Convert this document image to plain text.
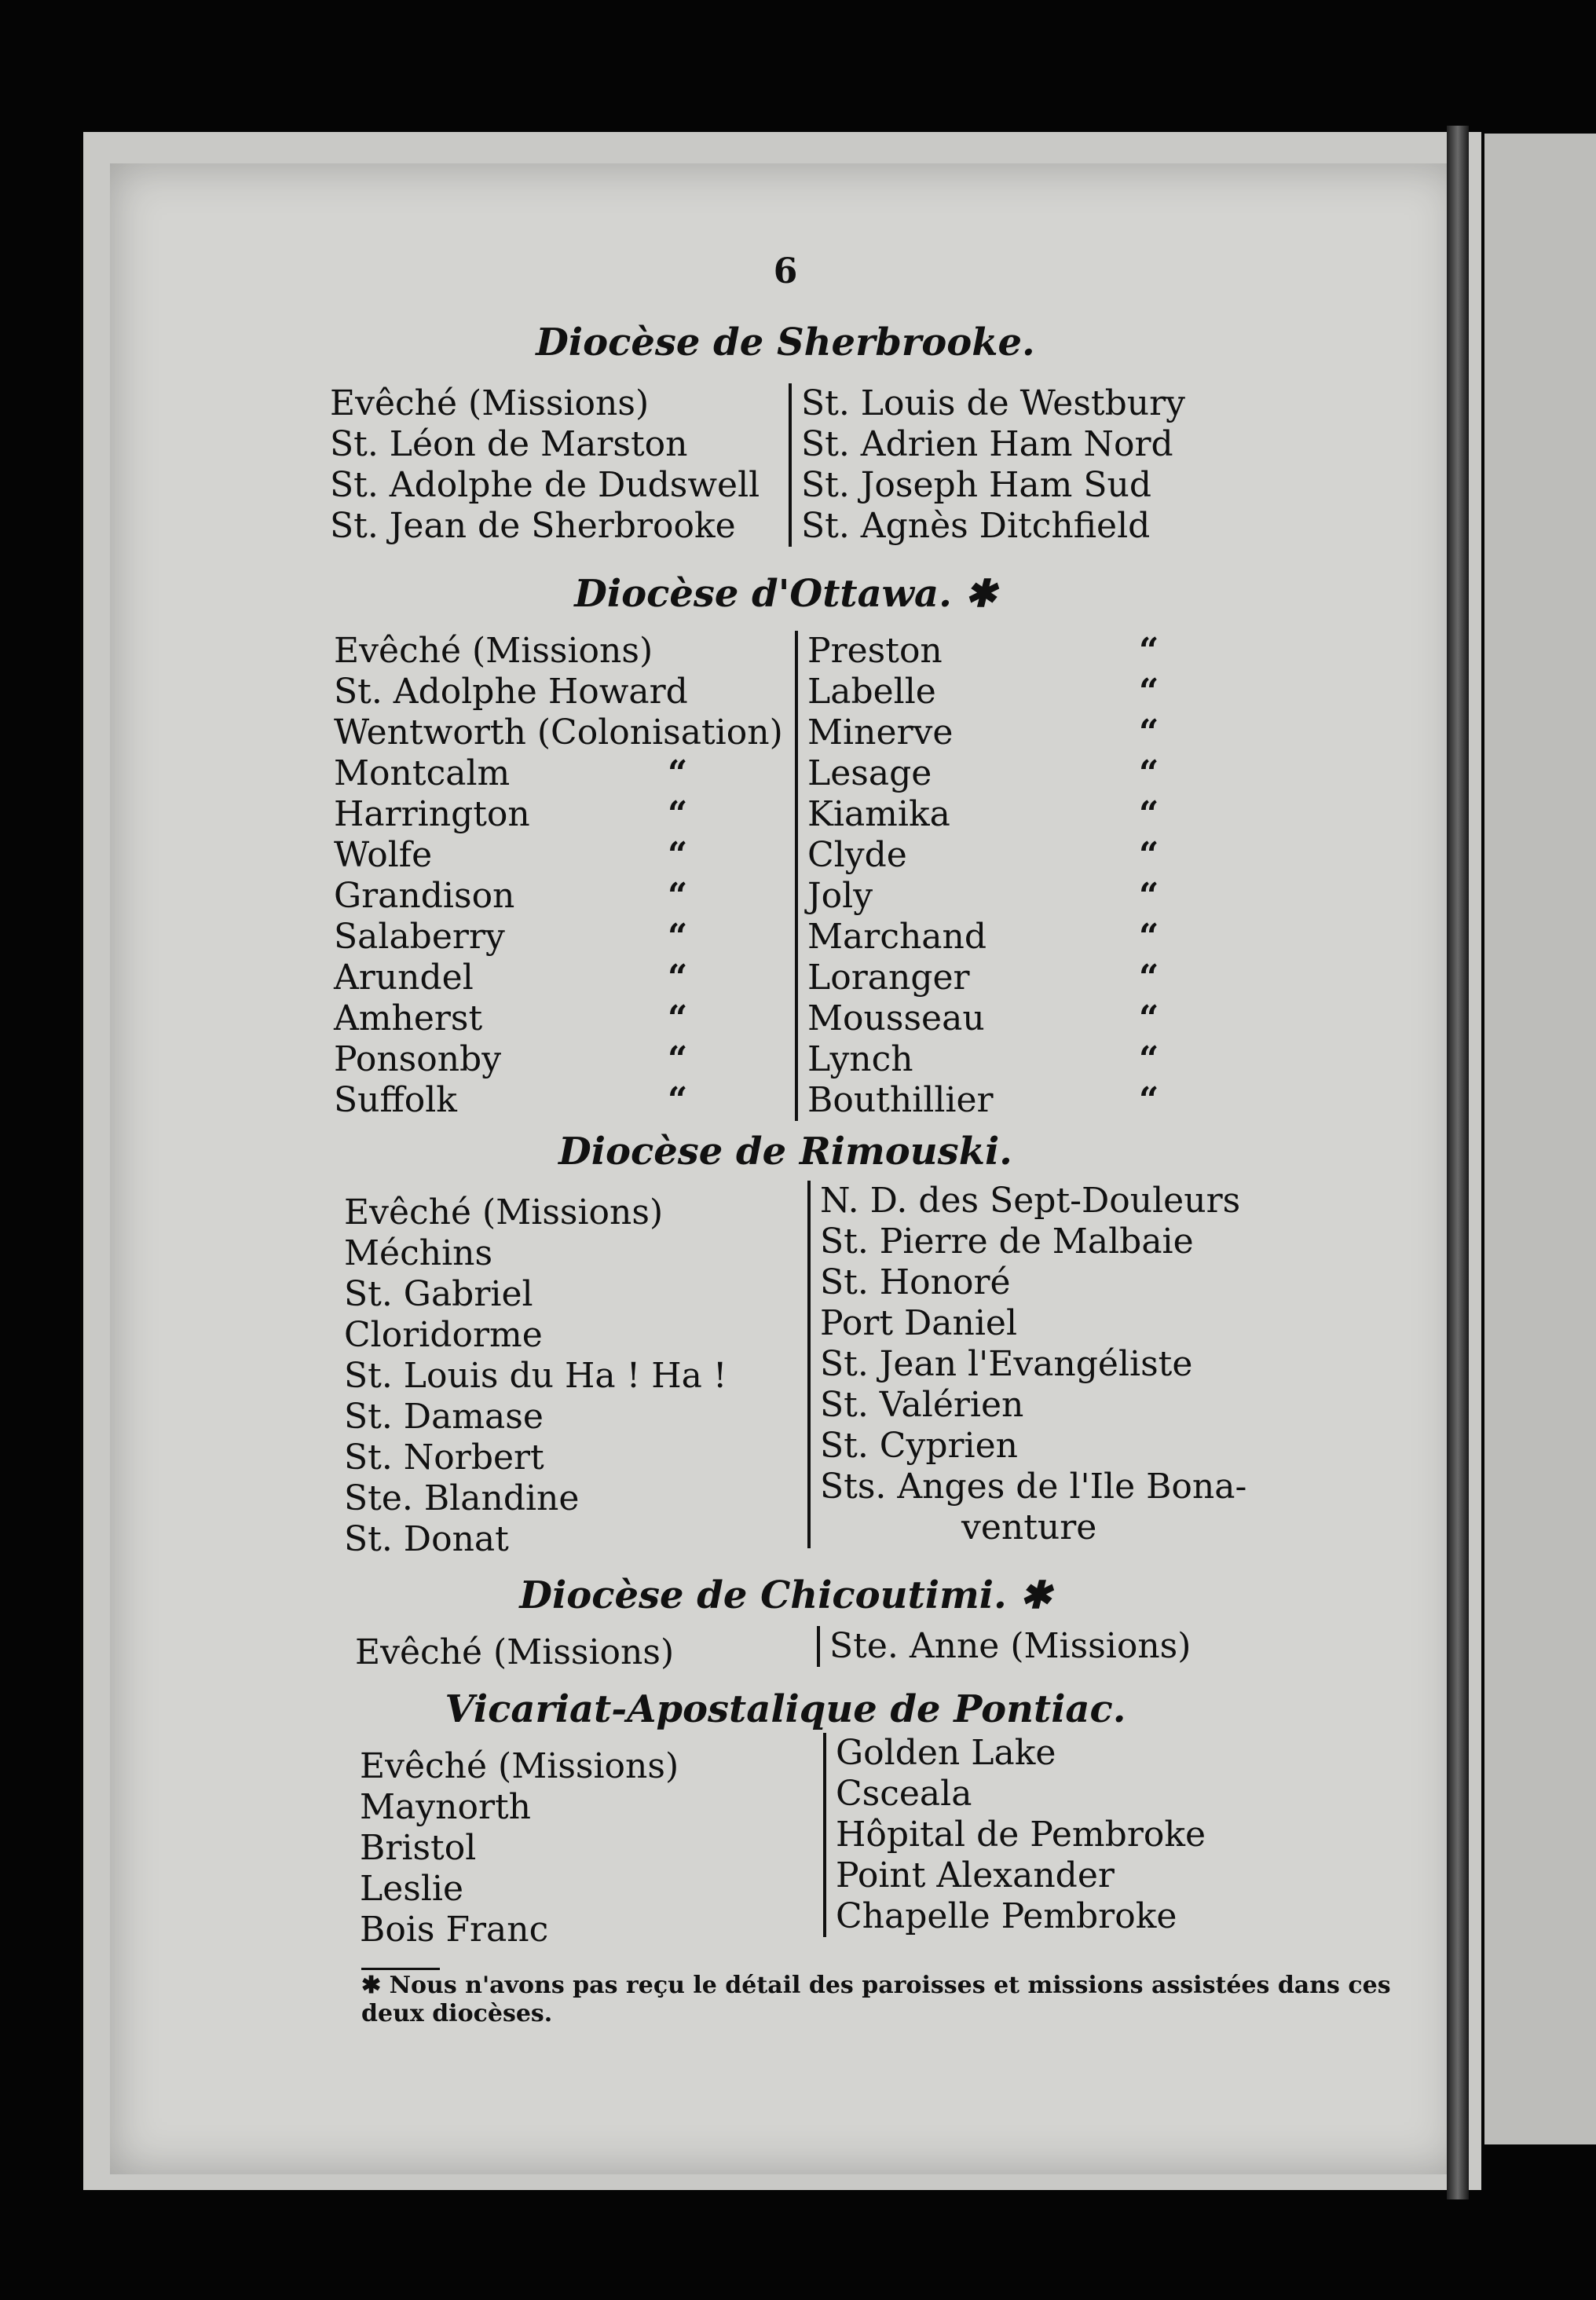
6
Diocèse de Sherbrooke.
Evêché (Missions)
St. Léon de Marston
St. Adolphe de Dudswell
St. Jean de Sherbrooke
St. Louis de Westbury
St. Adrien Ham Nord
St. Joseph Ham Sud
St. Agnès Ditchfield
Diocèse d'Ottawa. ✱
Evêché (Missions)
St. Adolphe Howard
Wentworth (Colonisation)
Montcalm
Harrington
Wolfe
Grandison
Salaberry
Arundel
Amherst
Ponsonby
Suffolk
“
“
“
“
“
“
“
“
“
Preston
Labelle
Minerve
Lesage
Kiamika
Clyde
Joly
Marchand
Loranger
Mousseau
Lynch
Bouthillier
“
“
“
“
“
“
“
“
“
“
“
“
Diocèse de Rimouski.
Evêché (Missions)
Méchins
St. Gabriel
Cloridorme
St. Louis du Ha ! Ha !
St. Damase
St. Norbert
Ste. Blandine
St. Donat
N. D. des Sept-Douleurs
St. Pierre de Malbaie
St. Honoré
Port Daniel
St. Jean l'Evangéliste
St. Valérien
St. Cyprien
Sts. Anges de l'Ile Bona-
venture
Diocèse de Chicoutimi. ✱
Evêché (Missions)	Ste. Anne (Missions)
Vicariat-Apostalique de Pontiac.
Evêché (Missions)
Maynorth
Bristol
Leslie
Bois Franc
Golden Lake
Csceala
Hôpital de Pembroke
Point Alexander
Chapelle Pembroke
✱ Nous n'avons pas reçu le détail des paroisses et missions assistées dans ces deux diocèses.
